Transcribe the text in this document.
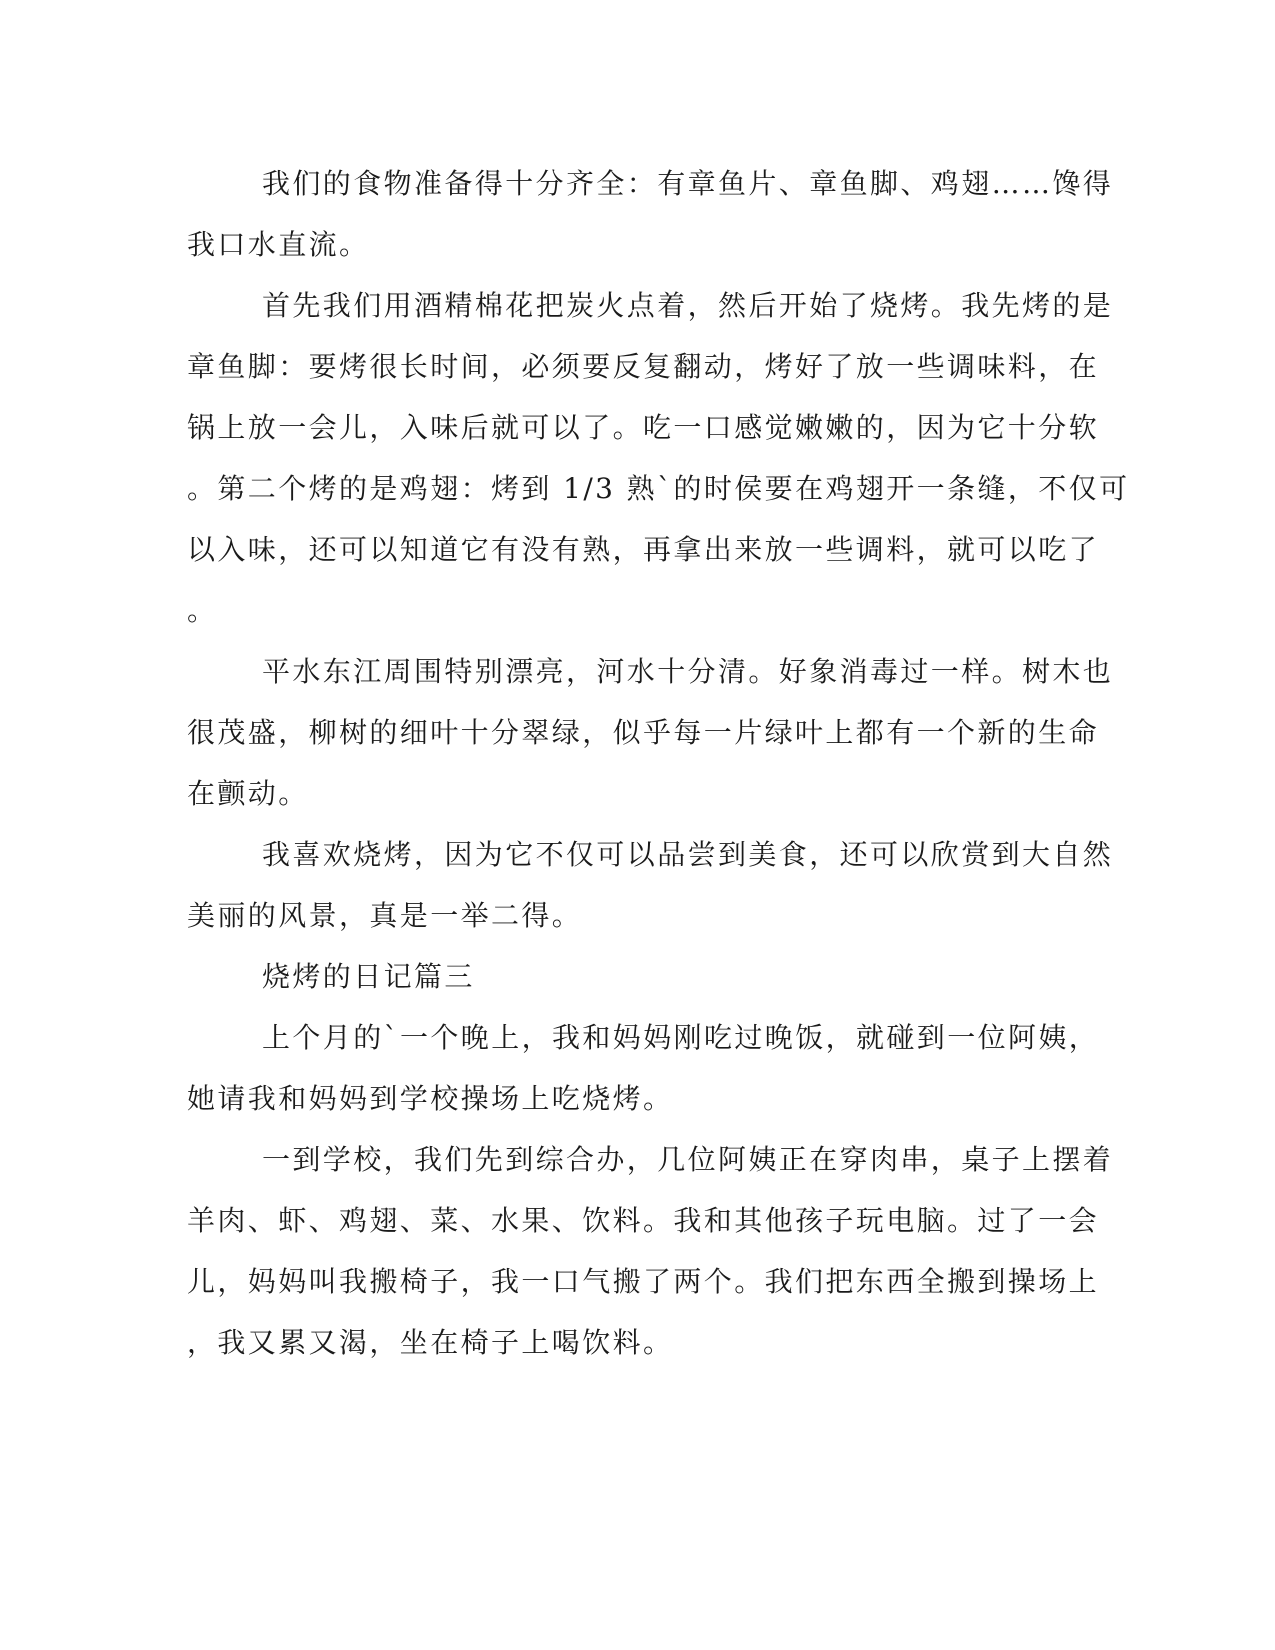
我们的食物准备得十分齐全：有章鱼片、章鱼脚、鸡翅……馋得
我口水直流。
首先我们用酒精棉花把炭火点着，然后开始了烧烤。我先烤的是
章鱼脚：要烤很长时间，必须要反复翻动，烤好了放一些调味料，在
锅上放一会儿，入味后就可以了。吃一口感觉嫩嫩的，因为它十分软
。第二个烤的是鸡翅：烤到 1/3 熟`的时侯要在鸡翅开一条缝，不仅可
以入味，还可以知道它有没有熟，再拿出来放一些调料，就可以吃了
。
平水东江周围特别漂亮，河水十分清。好象消毒过一样。树木也
很茂盛，柳树的细叶十分翠绿，似乎每一片绿叶上都有一个新的生命
在颤动。
我喜欢烧烤，因为它不仅可以品尝到美食，还可以欣赏到大自然
美丽的风景，真是一举二得。
烧烤的日记篇三
上个月的`一个晚上，我和妈妈刚吃过晚饭，就碰到一位阿姨，
她请我和妈妈到学校操场上吃烧烤。
一到学校，我们先到综合办，几位阿姨正在穿肉串，桌子上摆着
羊肉、虾、鸡翅、菜、水果、饮料。我和其他孩子玩电脑。过了一会
儿，妈妈叫我搬椅子，我一口气搬了两个。我们把东西全搬到操场上
，我又累又渴，坐在椅子上喝饮料。
